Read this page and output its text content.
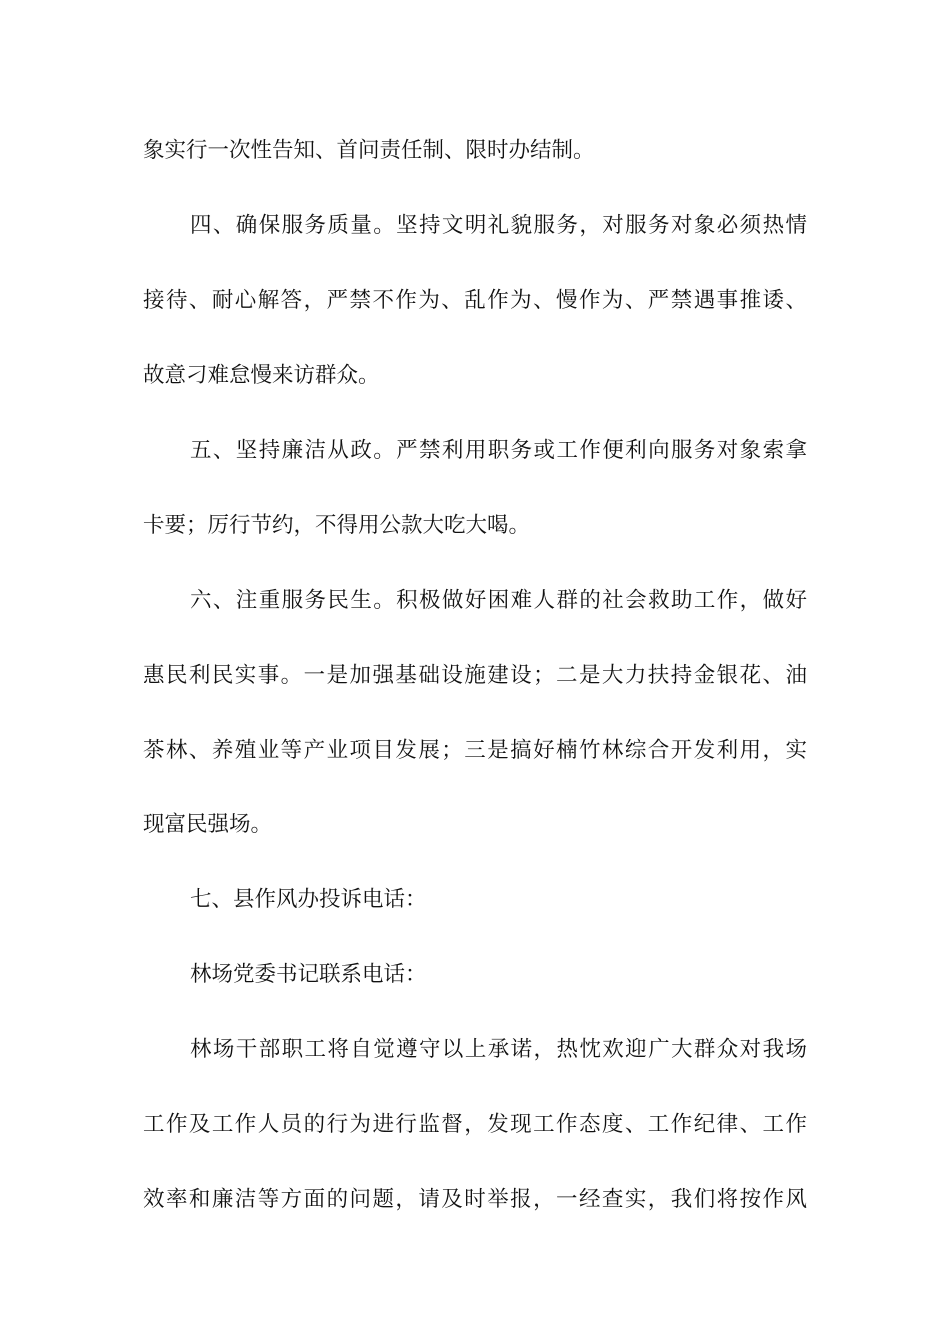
象实行一次性告知、首问责任制、限时办结制。
四、确保服务质量。坚持文明礼貌服务，对服务对象必须热情
接待、耐心解答，严禁不作为、乱作为、慢作为、严禁遇事推诿、
故意刁难怠慢来访群众。
五、坚持廉洁从政。严禁利用职务或工作便利向服务对象索拿
卡要；厉行节约，不得用公款大吃大喝。
六、注重服务民生。积极做好困难人群的社会救助工作，做好
惠民利民实事。一是加强基础设施建设；二是大力扶持金银花、油
茶林、养殖业等产业项目发展；三是搞好楠竹林综合开发利用，实
现富民强场。
七、县作风办投诉电话：
林场党委书记联系电话：
林场干部职工将自觉遵守以上承诺，热忱欢迎广大群众对我场
工作及工作人员的行为进行监督，发现工作态度、工作纪律、工作
效率和廉洁等方面的问题，请及时举报，一经查实，我们将按作风
